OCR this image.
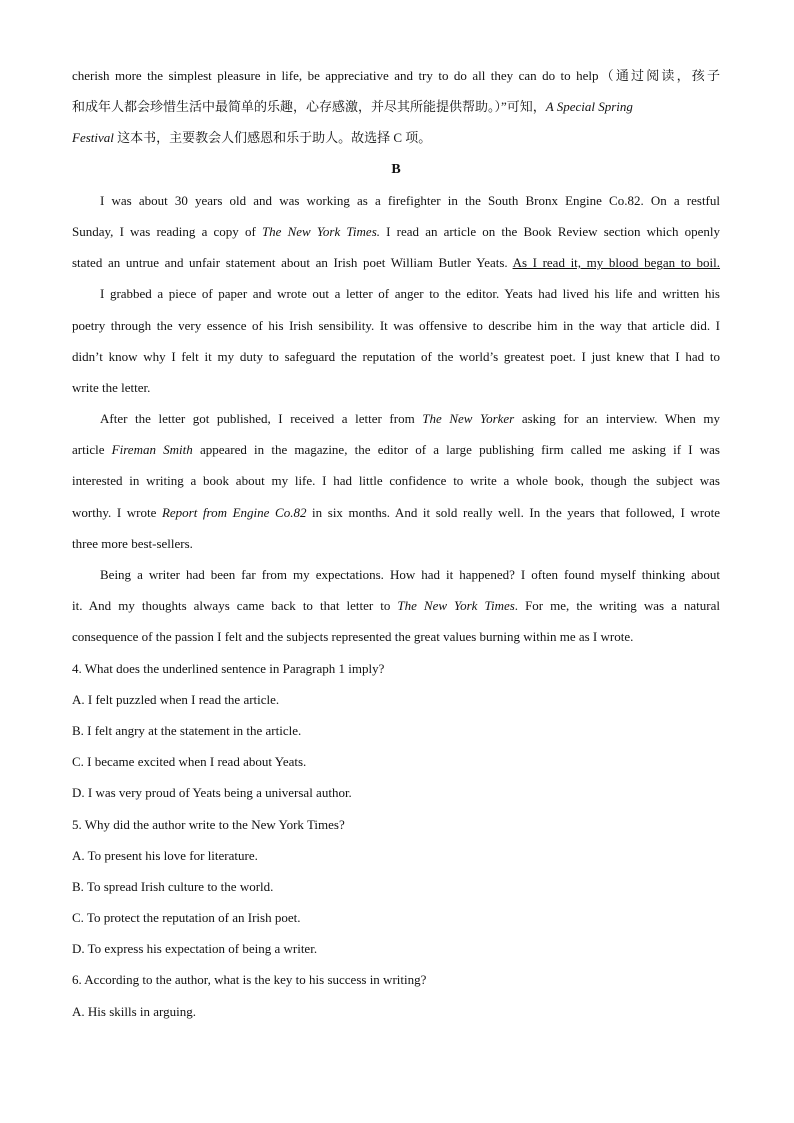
cherish more the simplest pleasure in life, be appreciative and try to do all they can do to help（通过阅读，孩子
和成年人都会珍惜生活中最简单的乐趣，心存感激，并尽其所能提供帮助。）”可知，A Special Spring
Festival 这本书，主要教会人们感恩和乐于助人。故选择 C 项。
B
I was about 30 years old and was working as a firefighter in the South Bronx Engine Co.82. On a restful
Sunday, I was reading a copy of The New York Times. I read an article on the Book Review section which openly
stated an untrue and unfair statement about an Irish poet William Butler Yeats. As I read it, my blood began to boil.
I grabbed a piece of paper and wrote out a letter of anger to the editor. Yeats had lived his life and written his
poetry through the very essence of his Irish sensibility. It was offensive to describe him in the way that article did. I
didn’t know why I felt it my duty to safeguard the reputation of the world’s greatest poet. I just knew that I had to
write the letter.
After the letter got published, I received a letter from The New Yorker asking for an interview. When my
article Fireman Smith appeared in the magazine, the editor of a large publishing firm called me asking if I was
interested in writing a book about my life. I had little confidence to write a whole book, though the subject was
worthy. I wrote Report from Engine Co.82 in six months. And it sold really well. In the years that followed, I wrote
three more best-sellers.
Being a writer had been far from my expectations. How had it happened? I often found myself thinking about
it. And my thoughts always came back to that letter to The New York Times. For me, the writing was a natural
consequence of the passion I felt and the subjects represented the great values burning within me as I wrote.
4. What does the underlined sentence in Paragraph 1 imply?
A. I felt puzzled when I read the article.
B. I felt angry at the statement in the article.
C. I became excited when I read about Yeats.
D. I was very proud of Yeats being a universal author.
5. Why did the author write to the New York Times?
A. To present his love for literature.
B. To spread Irish culture to the world.
C. To protect the reputation of an Irish poet.
D. To express his expectation of being a writer.
6. According to the author, what is the key to his success in writing?
A. His skills in arguing.
